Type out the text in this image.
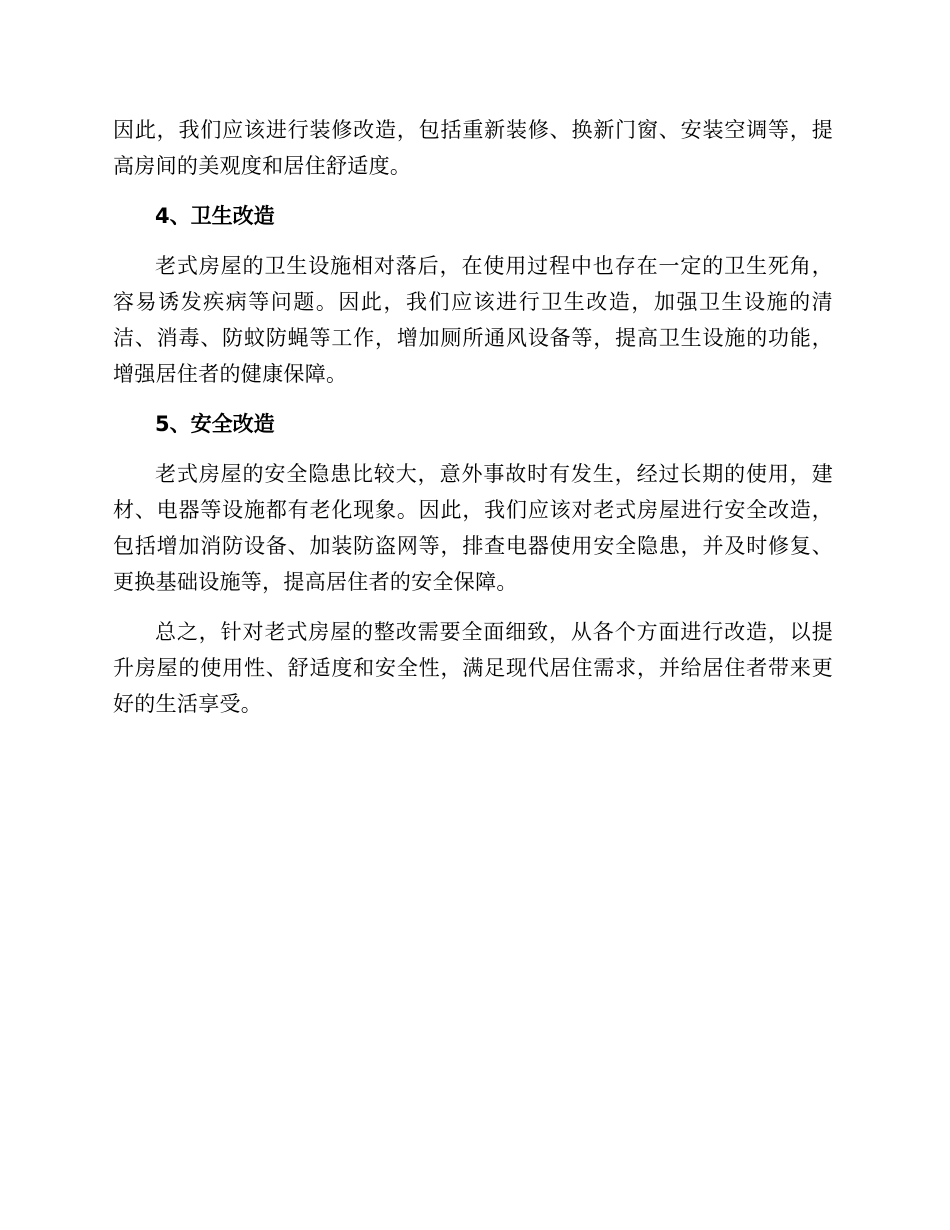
因此，我们应该进行装修改造，包括重新装修、换新门窗、安装空调等，提高房间的美观度和居住舒适度。

4、卫生改造

老式房屋的卫生设施相对落后，在使用过程中也存在一定的卫生死角，容易诱发疾病等问题。因此，我们应该进行卫生改造，加强卫生设施的清洁、消毒、防蚊防蝇等工作，增加厕所通风设备等，提高卫生设施的功能，增强居住者的健康保障。

5、安全改造

老式房屋的安全隐患比较大，意外事故时有发生，经过长期的使用，建材、电器等设施都有老化现象。因此，我们应该对老式房屋进行安全改造，包括增加消防设备、加装防盗网等，排查电器使用安全隐患，并及时修复、更换基础设施等，提高居住者的安全保障。

总之，针对老式房屋的整改需要全面细致，从各个方面进行改造，以提升房屋的使用性、舒适度和安全性，满足现代居住需求，并给居住者带来更好的生活享受。
